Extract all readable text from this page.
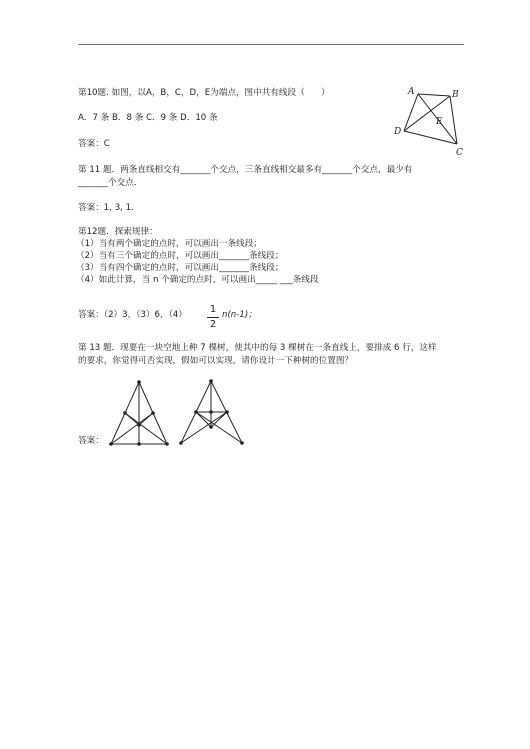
第10题. 如图，以A，B，C，D，E为端点，图中共有线段（      ）
A．7 条 B．8 条 C．9 条 D．10 条
答案：C
A	B
C
D
E
第 11 题．两条直线相交有_______个交点，三条直线相交最多有_______个交点，最少有
_______个交点．
答案：1, 3, 1．
第12题．探索规律：
（1）当有两个确定的点时，可以画出一条线段；
（2）当有三个确定的点时，可以画出_______条线段；
（3）当有四个确定的点时，可以画出_______条线段；
（4）如此计算，当 n 个确定的点时，可以画出_____ ___条线段
答案：（2）3，（3）6，（4） 1
2
n(n-1)；
第 13 题．现要在一块空地上种 7 棵树，使其中的每 3 棵树在一条直线上，要排成 6 行，这样
的要求，你觉得可否实现，假如可以实现，请你设计一下种树的位置图？
答案：
